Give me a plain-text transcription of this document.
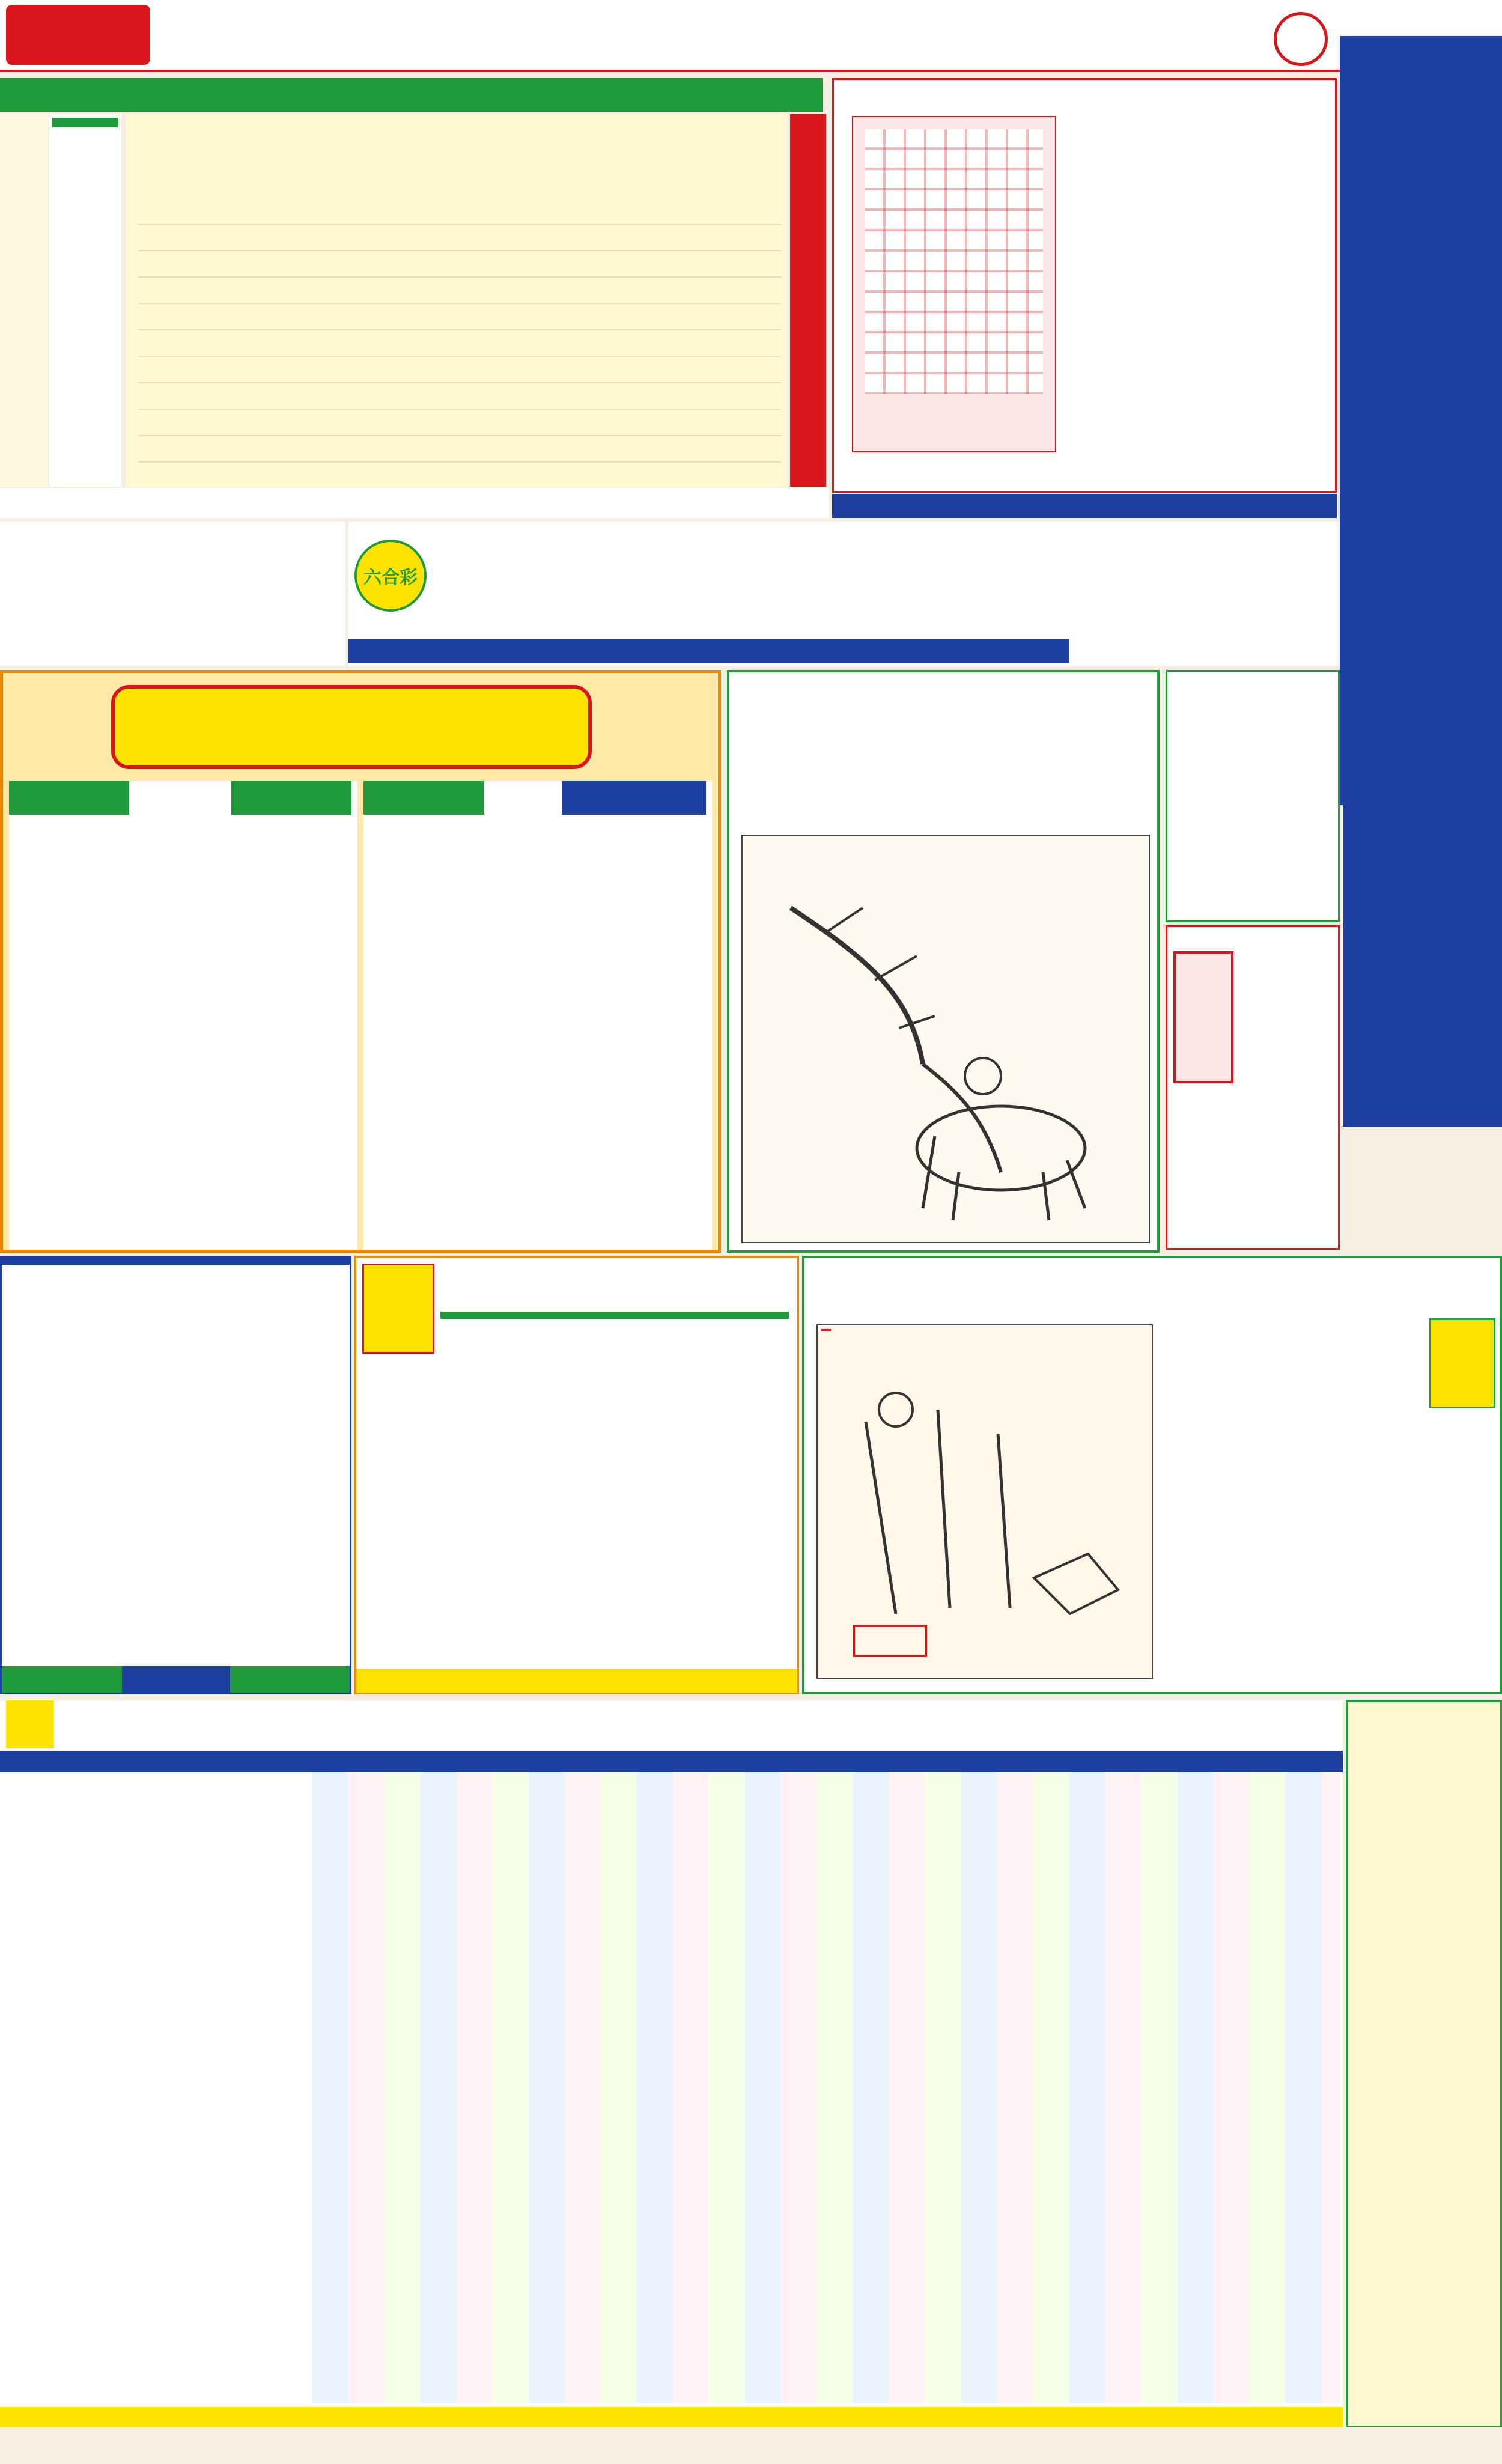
六合彩
